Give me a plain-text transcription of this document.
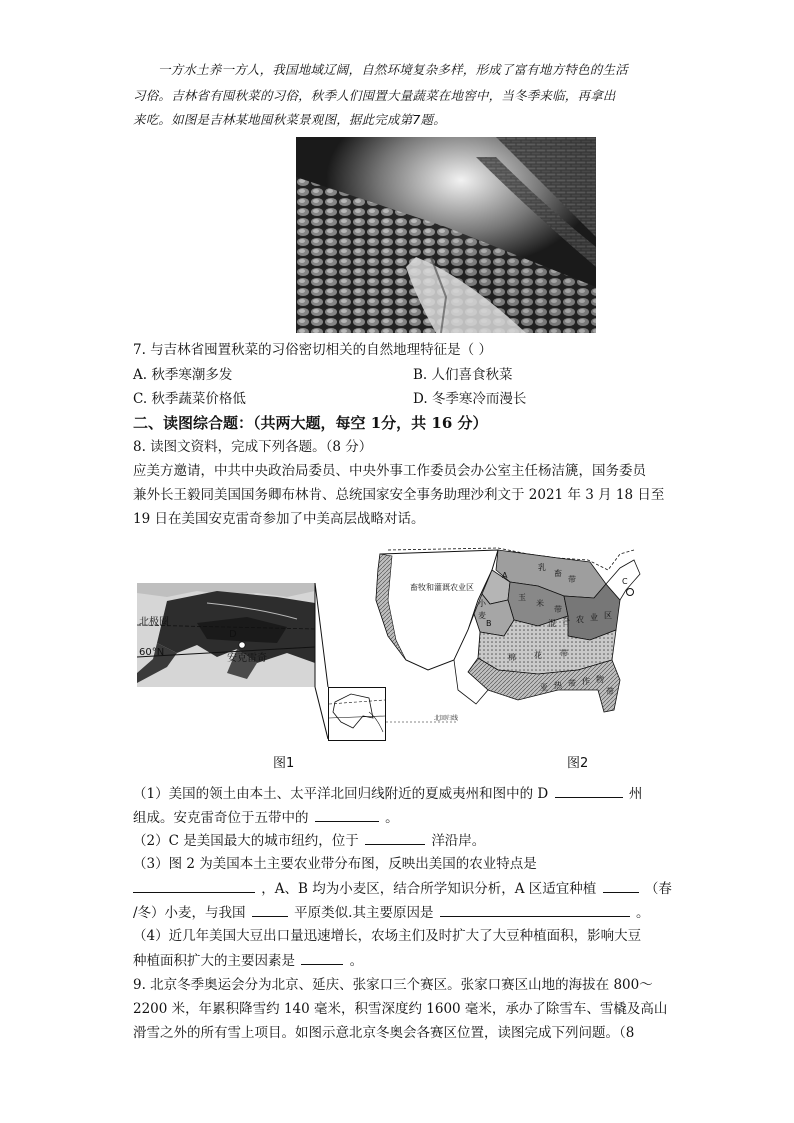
一方水土养一方人，我国地域辽阔，自然环境复杂多样，形成了富有地方特色的生活
习俗。吉林省有囤秋菜的习俗，秋季人们囤置大量蔬菜在地窖中，当冬季来临，再拿出
来吃。如图是吉林某地囤秋菜景观图，据此完成第7题。
7. 与吉林省囤置秋菜的习俗密切相关的自然地理特征是（ ）
A. 秋季寒潮多发	B. 人们喜食秋菜
C. 秋季蔬菜价格低	D. 冬季寒冷而漫长
二、读图综合题：（共两大题，每空 1分，共 16 分）
8. 读图文资料，完成下列各题。（8 分）
应美方邀请，中共中央政治局委员、中央外事工作委员会办公室主任杨洁篪，国务委员
兼外长王毅同美国国务卿布林肯、总统国家安全事务助理沙利文于 2021 年 3 月 18 日至
19 日在美国安克雷奇参加了中美高层战略对话。
北极圈
60°N
D
安克雷奇
畜牧和灌溉农业区
A
B
C
乳
畜
带
小
麦
玉
米
带
混 合 农 业 区
棉 花 带
亚 热 带 作 物
带
北回归线
图1	图2
（1）美国的领土由本土、太平洋北回归线附近的夏威夷州和图中的 D	州
组成。安克雷奇位于五带中的	。
（2）C 是美国最大的城市纽约，位于	洋沿岸。
（3）图 2 为美国本土主要农业带分布图，反映出美国的农业特点是
，A、B 均为小麦区，结合所学知识分析，A 区适宜种植	（春
/冬）小麦，与我国	平原类似.其主要原因是	。
（4）近几年美国大豆出口量迅速增长，农场主们及时扩大了大豆种植面积，影响大豆
种植面积扩大的主要因素是	。
9. 北京冬季奥运会分为北京、延庆、张家口三个赛区。张家口赛区山地的海拔在 800～
2200 米，年累积降雪约 140 毫米，积雪深度约 1600 毫米，承办了除雪车、雪橇及高山
滑雪之外的所有雪上项目。如图示意北京冬奥会各赛区位置，读图完成下列问题。（8
